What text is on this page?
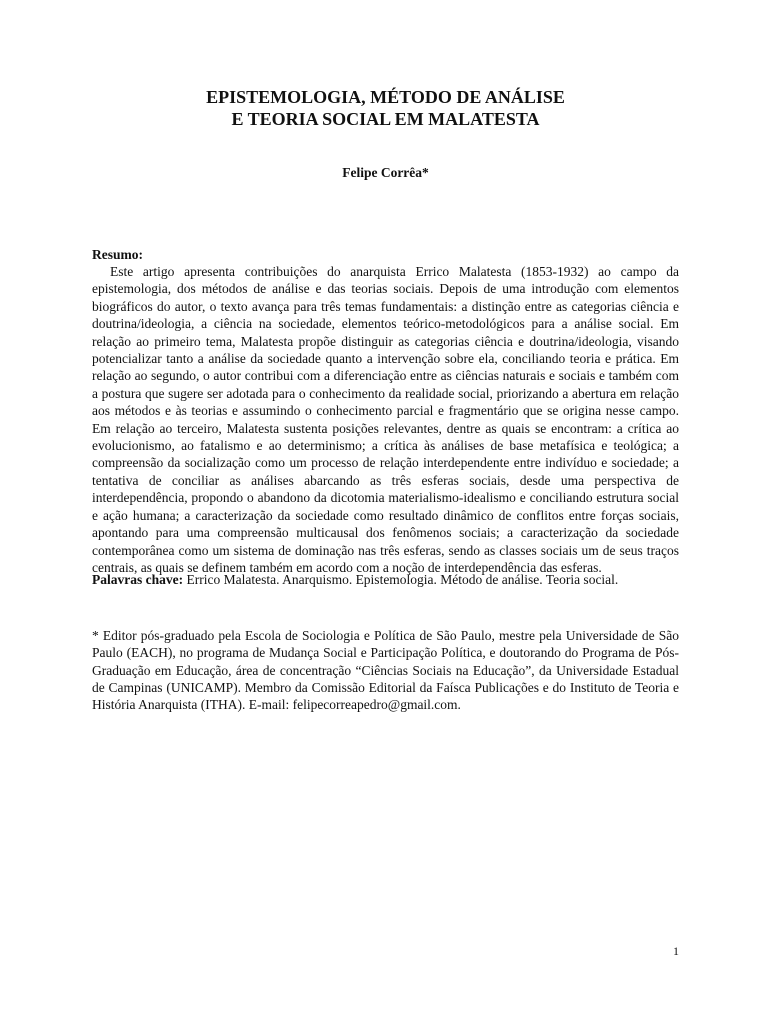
EPISTEMOLOGIA, MÉTODO DE ANÁLISE
E TEORIA SOCIAL EM MALATESTA
Felipe Corrêa*
Resumo:

Este artigo apresenta contribuições do anarquista Errico Malatesta (1853-1932) ao campo da epistemologia, dos métodos de análise e das teorias sociais. Depois de uma introdução com elementos biográficos do autor, o texto avança para três temas fundamentais: a distinção entre as categorias ciência e doutrina/ideologia, a ciência na sociedade, elementos teórico-metodológicos para a análise social. Em relação ao primeiro tema, Malatesta propõe distinguir as categorias ciência e doutrina/ideologia, visando potencializar tanto a análise da sociedade quanto a intervenção sobre ela, conciliando teoria e prática. Em relação ao segundo, o autor contribui com a diferenciação entre as ciências naturais e sociais e também com a postura que sugere ser adotada para o conhecimento da realidade social, priorizando a abertura em relação aos métodos e às teorias e assumindo o conhecimento parcial e fragmentário que se origina nesse campo. Em relação ao terceiro, Malatesta sustenta posições relevantes, dentre as quais se encontram: a crítica ao evolucionismo, ao fatalismo e ao determinismo; a crítica às análises de base metafísica e teológica; a compreensão da socialização como um processo de relação interdependente entre indivíduo e sociedade; a tentativa de conciliar as análises abarcando as três esferas sociais, desde uma perspectiva de interdependência, propondo o abandono da dicotomia materialismo-idealismo e conciliando estrutura social e ação humana; a caracterização da sociedade como resultado dinâmico de conflitos entre forças sociais, apontando para uma compreensão multicausal dos fenômenos sociais; a caracterização da sociedade contemporânea como um sistema de dominação nas três esferas, sendo as classes sociais um de seus traços centrais, as quais se definem também em acordo com a noção de interdependência das esferas.

Palavras chave: Errico Malatesta. Anarquismo. Epistemologia. Método de análise. Teoria social.

* Editor pós-graduado pela Escola de Sociologia e Política de São Paulo, mestre pela Universidade de São Paulo (EACH), no programa de Mudança Social e Participação Política, e doutorando do Programa de Pós-Graduação em Educação, área de concentração “Ciências Sociais na Educação”, da Universidade Estadual de Campinas (UNICAMP). Membro da Comissão Editorial da Faísca Publicações e do Instituto de Teoria e História Anarquista (ITHA). E-mail: felipecorreapedro@gmail.com.

1
